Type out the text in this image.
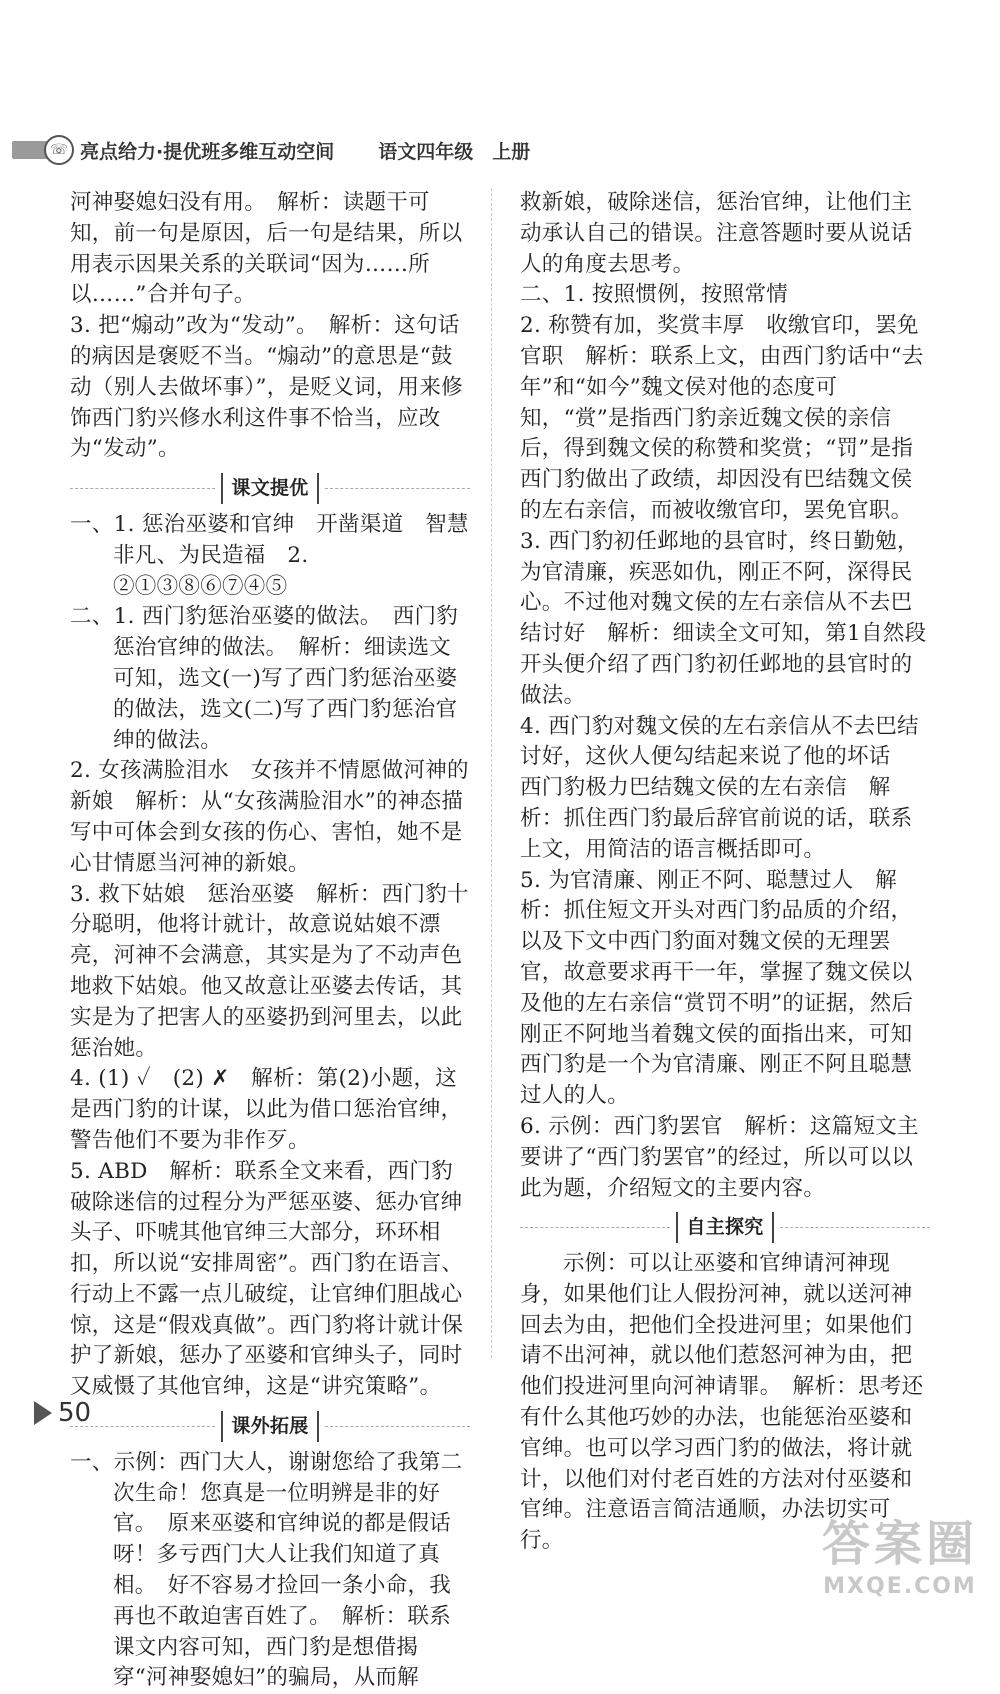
☏ 亮点给力·提优班多维互动空间 语文四年级　上册

河神娶媳妇没有用。　解析：读题干可知，前一句是原因，后一句是结果，所以用表示因果关系的关联词“因为……所以……”合并句子。

3. 把“煽动”改为“发动”。　解析：这句话的病因是褒贬不当。“煽动”的意思是“鼓动（别人去做坏事）”，是贬义词，用来修饰西门豹兴修水利这件事不恰当，应改为“发动”。

课文提优

一、1. 惩治巫婆和官绅　开凿渠道　智慧非凡、为民造福　2. ②①③⑧⑥⑦④⑤

二、1. 西门豹惩治巫婆的做法。　西门豹惩治官绅的做法。　解析：细读选文可知，选文(一)写了西门豹惩治巫婆的做法，选文(二)写了西门豹惩治官绅的做法。

2. 女孩满脸泪水　女孩并不情愿做河神的新娘　解析：从“女孩满脸泪水”的神态描写中可体会到女孩的伤心、害怕，她不是心甘情愿当河神的新娘。

3. 救下姑娘　惩治巫婆　解析：西门豹十分聪明，他将计就计，故意说姑娘不漂亮，河神不会满意，其实是为了不动声色地救下姑娘。他又故意让巫婆去传话，其实是为了把害人的巫婆扔到河里去，以此惩治她。

4. (1) ✓　(2) ✗　解析：第(2)小题，这是西门豹的计谋，以此为借口惩治官绅，警告他们不要为非作歹。

5. ABD　解析：联系全文来看，西门豹破除迷信的过程分为严惩巫婆、惩办官绅头子、吓唬其他官绅三大部分，环环相扣，所以说“安排周密”。西门豹在语言、行动上不露一点儿破绽，让官绅们胆战心惊，这是“假戏真做”。西门豹将计就计保护了新娘，惩办了巫婆和官绅头子，同时又威慑了其他官绅，这是“讲究策略”。

课外拓展

一、示例：西门大人，谢谢您给了我第二次生命！您真是一位明辨是非的好官。　原来巫婆和官绅说的都是假话呀！多亏西门大人让我们知道了真相。　好不容易才捡回一条小命，我再也不敢迫害百姓了。　解析：联系课文内容可知，西门豹是想借揭穿“河神娶媳妇”的骗局，从而解

救新娘，破除迷信，惩治官绅，让他们主动承认自己的错误。注意答题时要从说话人的角度去思考。

二、1. 按照惯例，按照常情

2. 称赞有加，奖赏丰厚　收缴官印，罢免官职　解析：联系上文，由西门豹话中“去年”和“如今”魏文侯对他的态度可知，“赏”是指西门豹亲近魏文侯的亲信后，得到魏文侯的称赞和奖赏；“罚”是指西门豹做出了政绩，却因没有巴结魏文侯的左右亲信，而被收缴官印，罢免官职。

3. 西门豹初任邺地的县官时，终日勤勉，为官清廉，疾恶如仇，刚正不阿，深得民心。不过他对魏文侯的左右亲信从不去巴结讨好　解析：细读全文可知，第1自然段开头便介绍了西门豹初任邺地的县官时的做法。

4. 西门豹对魏文侯的左右亲信从不去巴结讨好，这伙人便勾结起来说了他的坏话　西门豹极力巴结魏文侯的左右亲信　解析：抓住西门豹最后辞官前说的话，联系上文，用简洁的语言概括即可。

5. 为官清廉、刚正不阿、聪慧过人　解析：抓住短文开头对西门豹品质的介绍，以及下文中西门豹面对魏文侯的无理罢官，故意要求再干一年，掌握了魏文侯以及他的左右亲信“赏罚不明”的证据，然后刚正不阿地当着魏文侯的面指出来，可知西门豹是一个为官清廉、刚正不阿且聪慧过人的人。

6. 示例：西门豹罢官　解析：这篇短文主要讲了“西门豹罢官”的经过，所以可以以此为题，介绍短文的主要内容。

自主探究

示例：可以让巫婆和官绅请河神现身，如果他们让人假扮河神，就以送河神回去为由，把他们全投进河里；如果他们请不出河神，就以他们惹怒河神为由，把他们投进河里向河神请罪。　解析：思考还有什么其他巧妙的办法，也能惩治巫婆和官绅。也可以学习西门豹的做法，将计就计，以他们对付老百姓的方法对付巫婆和官绅。注意语言简洁通顺，办法切实可行。

50
答案圈
MXQE.COM
